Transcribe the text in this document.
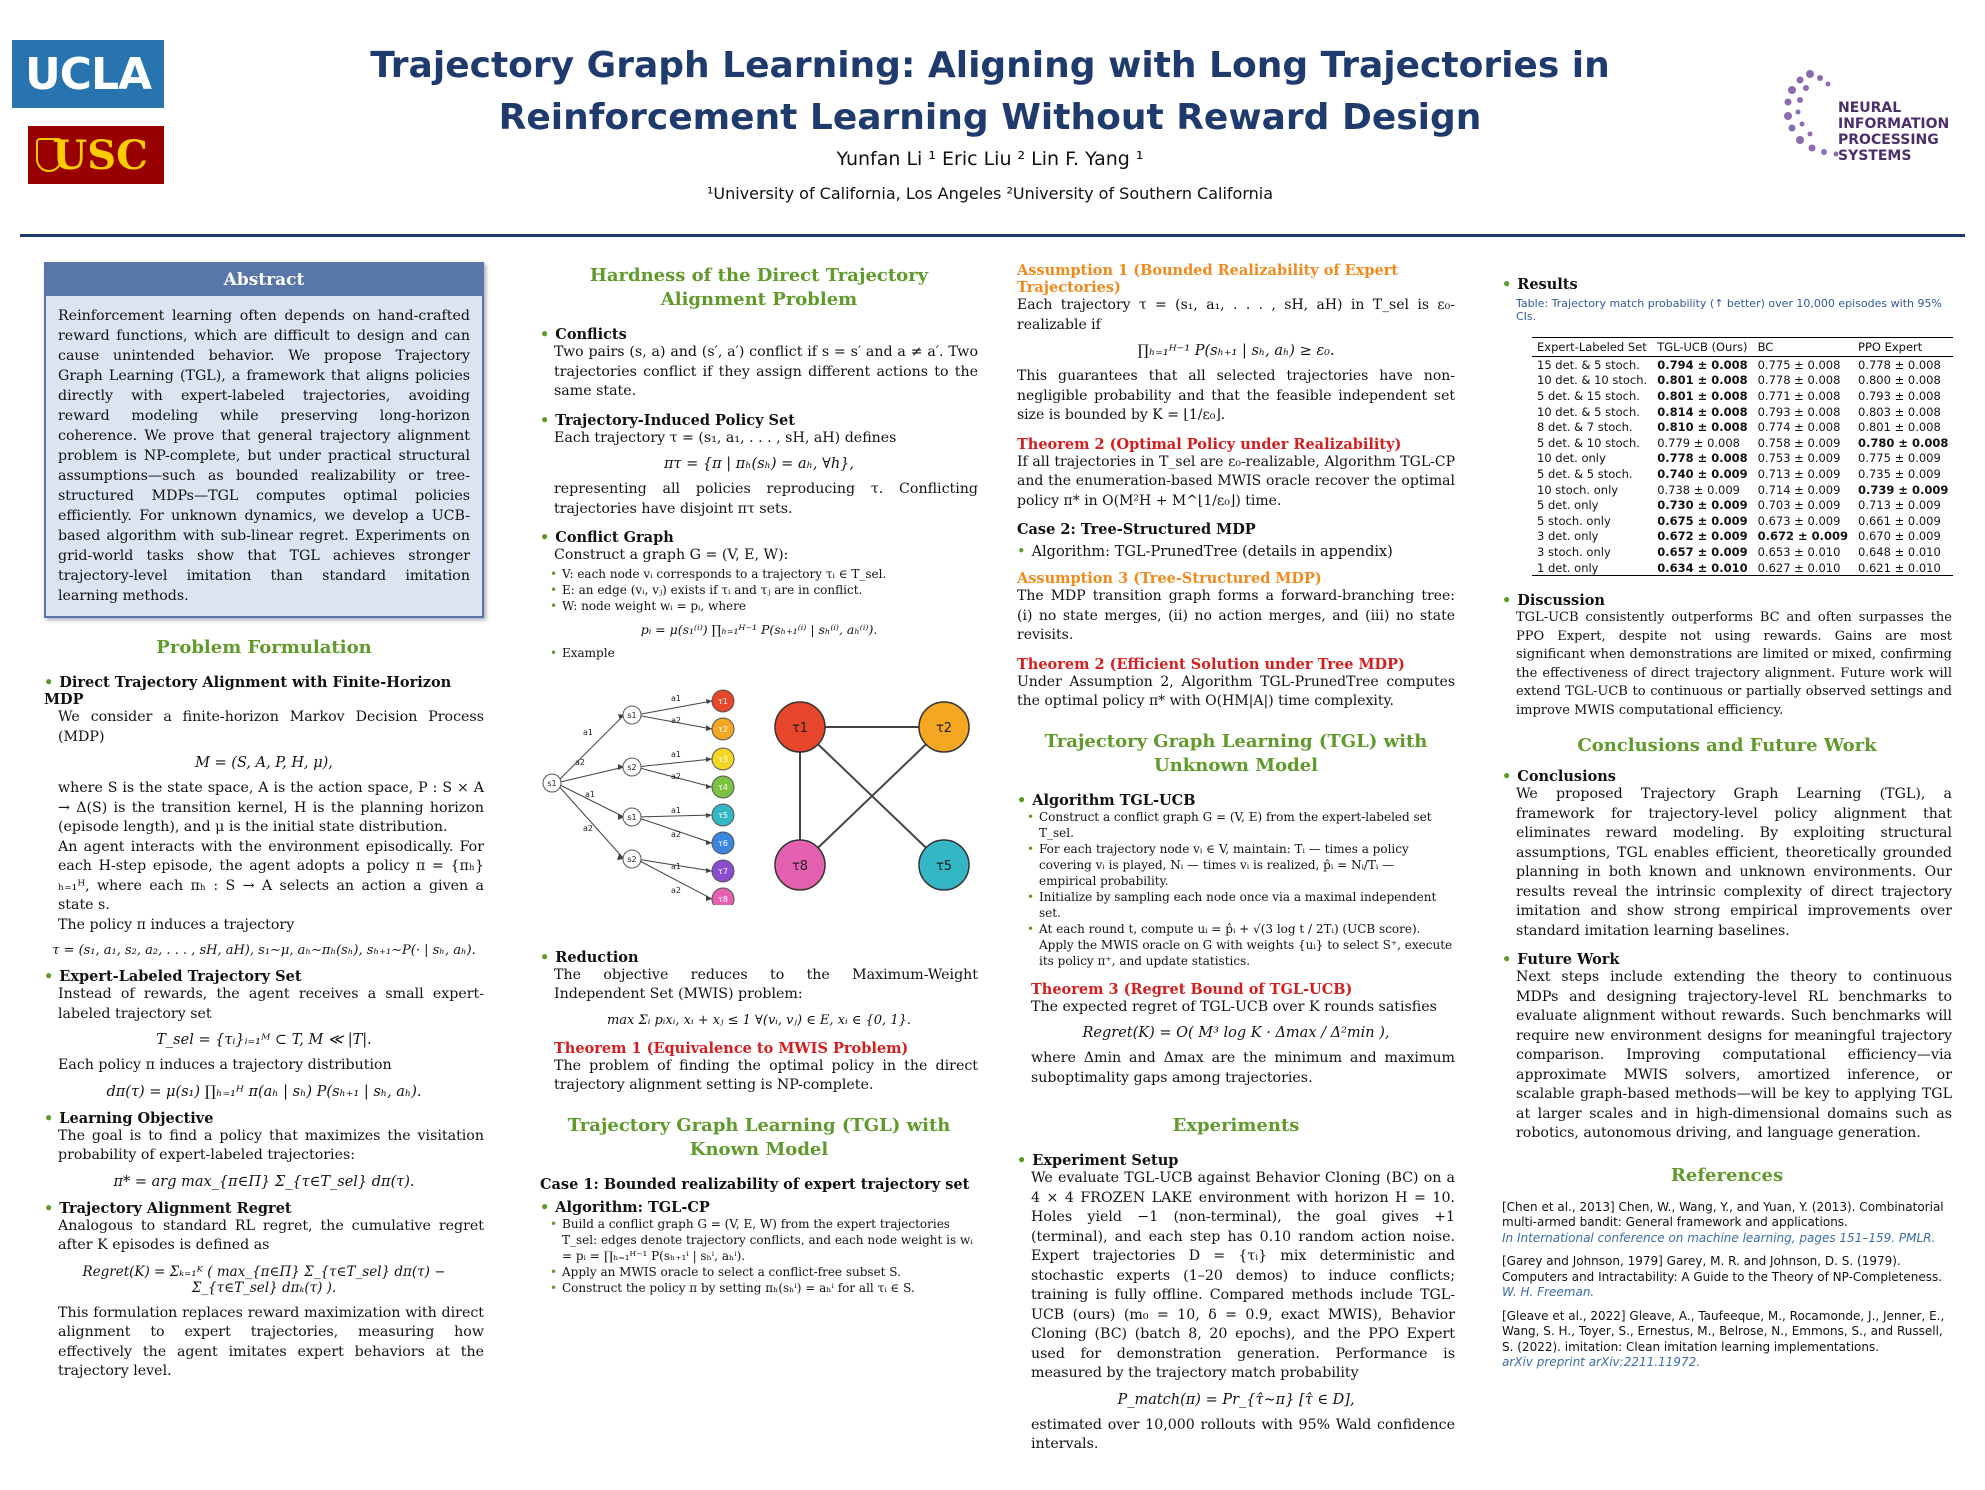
UCLA
USC
Trajectory Graph Learning: Aligning with Long Trajectories in Reinforcement Learning Without Reward Design
Yunfan Li ¹ Eric Liu ² Lin F. Yang ¹
¹University of California, Los Angeles ²University of Southern California
NEURAL
INFORMATION
PROCESSING
SYSTEMS
Abstract
Reinforcement learning often depends on hand-crafted reward functions, which are difficult to design and can cause unintended behavior. We propose Trajectory Graph Learning (TGL), a framework that aligns policies directly with expert-labeled trajectories, avoiding reward modeling while preserving long-horizon coherence. We prove that general trajectory alignment problem is NP-complete, but under practical structural assumptions—such as bounded realizability or tree-structured MDPs—TGL computes optimal policies efficiently. For unknown dynamics, we develop a UCB-based algorithm with sub-linear regret. Experiments on grid-world tasks show that TGL achieves stronger trajectory-level imitation than standard imitation learning methods.
Problem Formulation
• Direct Trajectory Alignment with Finite-Horizon MDP
We consider a finite-horizon Markov Decision Process (MDP)
M = (S, A, P, H, μ),
where S is the state space, A is the action space, P : S × A → Δ(S) is the transition kernel, H is the planning horizon (episode length), and μ is the initial state distribution.
An agent interacts with the environment episodically. For each H-step episode, the agent adopts a policy π = {πₕ}ₕ₌₁ᴴ, where each πₕ : S → A selects an action a given a state s.
The policy π induces a trajectory
τ = (s₁, a₁, s₂, a₂, . . . , sH, aH), s₁∼μ, aₕ∼πₕ(sₕ), sₕ₊₁∼P(· | sₕ, aₕ).
• Expert-Labeled Trajectory Set
Instead of rewards, the agent receives a small expert-labeled trajectory set
T_sel = {τᵢ}ᵢ₌₁ᴹ ⊂ T, M ≪ |T|.
Each policy π induces a trajectory distribution
dπ(τ) = μ(s₁) ∏ₕ₌₁ᴴ π(aₕ | sₕ) P(sₕ₊₁ | sₕ, aₕ).
• Learning Objective
The goal is to find a policy that maximizes the visitation probability of expert-labeled trajectories:
π* = arg max_{π∈Π} Σ_{τ∈T_sel} dπ(τ).
• Trajectory Alignment Regret
Analogous to standard RL regret, the cumulative regret after K episodes is defined as
Regret(K) = Σₖ₌₁ᴷ ( max_{π∈Π} Σ_{τ∈T_sel} dπ(τ) − Σ_{τ∈T_sel} dπₖ(τ) ).
This formulation replaces reward maximization with direct alignment to expert trajectories, measuring how effectively the agent imitates expert behaviors at the trajectory level.
Hardness of the Direct Trajectory Alignment Problem
• Conflicts
Two pairs (s, a) and (s′, a′) conflict if s = s′ and a ≠ a′. Two trajectories conflict if they assign different actions to the same state.
• Trajectory-Induced Policy Set
Each trajectory τ = (s₁, a₁, . . . , sH, aH) defines
πτ = {π | πₕ(sₕ) = aₕ, ∀h},
representing all policies reproducing τ. Conflicting trajectories have disjoint πτ sets.
• Conflict Graph
Construct a graph G = (V, E, W):
• V: each node vᵢ corresponds to a trajectory τᵢ ∈ T_sel.
• E: an edge (vᵢ, vⱼ) exists if τᵢ and τⱼ are in conflict.
• W: node weight wᵢ = pᵢ, where
pᵢ = μ(s₁⁽ⁱ⁾) ∏ₕ₌₁ᴴ⁻¹ P(sₕ₊₁⁽ⁱ⁾ | sₕ⁽ⁱ⁾, aₕ⁽ⁱ⁾).
• Example
s1
s1
s2
s1
s2
a1
a2
a1
a2
a1
a2
a1
a2
a1
a2
a1
a2
τ1
τ2
τ3
τ4
τ5
τ6
τ7
τ8
τ1	τ2
τ8	τ5
• Reduction
The objective reduces to the Maximum-Weight Independent Set (MWIS) problem:
max Σᵢ pᵢxᵢ, xᵢ + xⱼ ≤ 1 ∀(vᵢ, vⱼ) ∈ E, xᵢ ∈ {0, 1}.
Theorem 1 (Equivalence to MWIS Problem)
The problem of finding the optimal policy in the direct trajectory alignment setting is NP-complete.
Trajectory Graph Learning (TGL) with Known Model
Case 1: Bounded realizability of expert trajectory set
• Algorithm: TGL-CP
• Build a conflict graph G = (V, E, W) from the expert trajectories T_sel: edges denote trajectory conflicts, and each node weight is wᵢ = pᵢ = ∏ₕ₌₁ᴴ⁻¹ P(sₕ₊₁ⁱ | sₕⁱ, aₕⁱ).
• Apply an MWIS oracle to select a conflict-free subset S.
• Construct the policy π by setting πₕ(sₕⁱ) = aₕⁱ for all τᵢ ∈ S.
Assumption 1 (Bounded Realizability of Expert Trajectories)
Each trajectory τ = (s₁, a₁, . . . , sH, aH) in T_sel is ε₀-realizable if
∏ₕ₌₁ᴴ⁻¹ P(sₕ₊₁ | sₕ, aₕ) ≥ ε₀.
This guarantees that all selected trajectories have non-negligible probability and that the feasible independent set size is bounded by K = ⌊1/ε₀⌋.
Theorem 2 (Optimal Policy under Realizability)
If all trajectories in T_sel are ε₀-realizable, Algorithm TGL-CP and the enumeration-based MWIS oracle recover the optimal policy π* in O(M²H + M^⌊1/ε₀⌋) time.
Case 2: Tree-Structured MDP
• Algorithm: TGL-PrunedTree (details in appendix)
Assumption 3 (Tree-Structured MDP)
The MDP transition graph forms a forward-branching tree: (i) no state merges, (ii) no action merges, and (iii) no state revisits.
Theorem 2 (Efficient Solution under Tree MDP)
Under Assumption 2, Algorithm TGL-PrunedTree computes the optimal policy π* with O(HM|A|) time complexity.
Trajectory Graph Learning (TGL) with Unknown Model
• Algorithm TGL-UCB
• Construct a conflict graph G = (V, E) from the expert-labeled set T_sel.
• For each trajectory node vᵢ ∈ V, maintain: Tᵢ — times a policy covering vᵢ is played, Nᵢ — times vᵢ is realized, p̂ᵢ = Nᵢ/Tᵢ — empirical probability.
• Initialize by sampling each node once via a maximal independent set.
• At each round t, compute uᵢ = p̂ᵢ + √(3 log t / 2Tᵢ) (UCB score). Apply the MWIS oracle on G with weights {uᵢ} to select S⁺, execute its policy π⁺, and update statistics.
Theorem 3 (Regret Bound of TGL-UCB)
The expected regret of TGL-UCB over K rounds satisfies
Regret(K) = O( M³ log K · Δmax / Δ²min ),
where Δmin and Δmax are the minimum and maximum suboptimality gaps among trajectories.
Experiments
• Experiment Setup
We evaluate TGL-UCB against Behavior Cloning (BC) on a 4 × 4 FROZEN LAKE environment with horizon H = 10. Holes yield −1 (non-terminal), the goal gives +1 (terminal), and each step has 0.10 random action noise. Expert trajectories D = {τᵢ} mix deterministic and stochastic experts (1–20 demos) to induce conflicts; training is fully offline. Compared methods include TGL-UCB (ours) (m₀ = 10, δ = 0.9, exact MWIS), Behavior Cloning (BC) (batch 8, 20 epochs), and the PPO Expert used for demonstration generation. Performance is measured by the trajectory match probability
P_match(π) = Pr_{τ̂∼π} [τ̂ ∈ D],
estimated over 10,000 rollouts with 95% Wald confidence intervals.
• Results
Table: Trajectory match probability (↑ better) over 10,000 episodes with 95% CIs.
Expert-Labeled Set	TGL-UCB (Ours)	BC	PPO Expert
15 det. & 5 stoch.	0.794 ± 0.008	0.775 ± 0.008	0.778 ± 0.008
10 det. & 10 stoch.	0.801 ± 0.008	0.778 ± 0.008	0.800 ± 0.008
5 det. & 15 stoch.	0.801 ± 0.008	0.771 ± 0.008	0.793 ± 0.008
10 det. & 5 stoch.	0.814 ± 0.008	0.793 ± 0.008	0.803 ± 0.008
8 det. & 7 stoch.	0.810 ± 0.008	0.774 ± 0.008	0.801 ± 0.008
5 det. & 10 stoch.	0.779 ± 0.008	0.758 ± 0.009	0.780 ± 0.008
10 det. only	0.778 ± 0.008	0.753 ± 0.009	0.775 ± 0.009
5 det. & 5 stoch.	0.740 ± 0.009	0.713 ± 0.009	0.735 ± 0.009
10 stoch. only	0.738 ± 0.009	0.714 ± 0.009	0.739 ± 0.009
5 det. only	0.730 ± 0.009	0.703 ± 0.009	0.713 ± 0.009
5 stoch. only	0.675 ± 0.009	0.673 ± 0.009	0.661 ± 0.009
3 det. only	0.672 ± 0.009	0.672 ± 0.009	0.670 ± 0.009
3 stoch. only	0.657 ± 0.009	0.653 ± 0.010	0.648 ± 0.010
1 det. only	0.634 ± 0.010	0.627 ± 0.010	0.621 ± 0.010
• Discussion
TGL-UCB consistently outperforms BC and often surpasses the PPO Expert, despite not using rewards. Gains are most significant when demonstrations are limited or mixed, confirming the effectiveness of direct trajectory alignment. Future work will extend TGL-UCB to continuous or partially observed settings and improve MWIS computational efficiency.
Conclusions and Future Work
• Conclusions
We proposed Trajectory Graph Learning (TGL), a framework for trajectory-level policy alignment that eliminates reward modeling. By exploiting structural assumptions, TGL enables efficient, theoretically grounded planning in both known and unknown environments. Our results reveal the intrinsic complexity of direct trajectory imitation and show strong empirical improvements over standard imitation learning baselines.
• Future Work
Next steps include extending the theory to continuous MDPs and designing trajectory-level RL benchmarks to evaluate alignment without rewards. Such benchmarks will require new environment designs for meaningful trajectory comparison. Improving computational efficiency—via approximate MWIS solvers, amortized inference, or scalable graph-based methods—will be key to applying TGL at larger scales and in high-dimensional domains such as robotics, autonomous driving, and language generation.
References
[Chen et al., 2013] Chen, W., Wang, Y., and Yuan, Y. (2013). Combinatorial multi-armed bandit: General framework and applications.
In International conference on machine learning, pages 151–159. PMLR.
[Garey and Johnson, 1979] Garey, M. R. and Johnson, D. S. (1979). Computers and Intractability: A Guide to the Theory of NP-Completeness.
W. H. Freeman.
[Gleave et al., 2022] Gleave, A., Taufeeque, M., Rocamonde, J., Jenner, E., Wang, S. H., Toyer, S., Ernestus, M., Belrose, N., Emmons, S., and Russell, S. (2022). imitation: Clean imitation learning implementations.
arXiv preprint arXiv:2211.11972.
